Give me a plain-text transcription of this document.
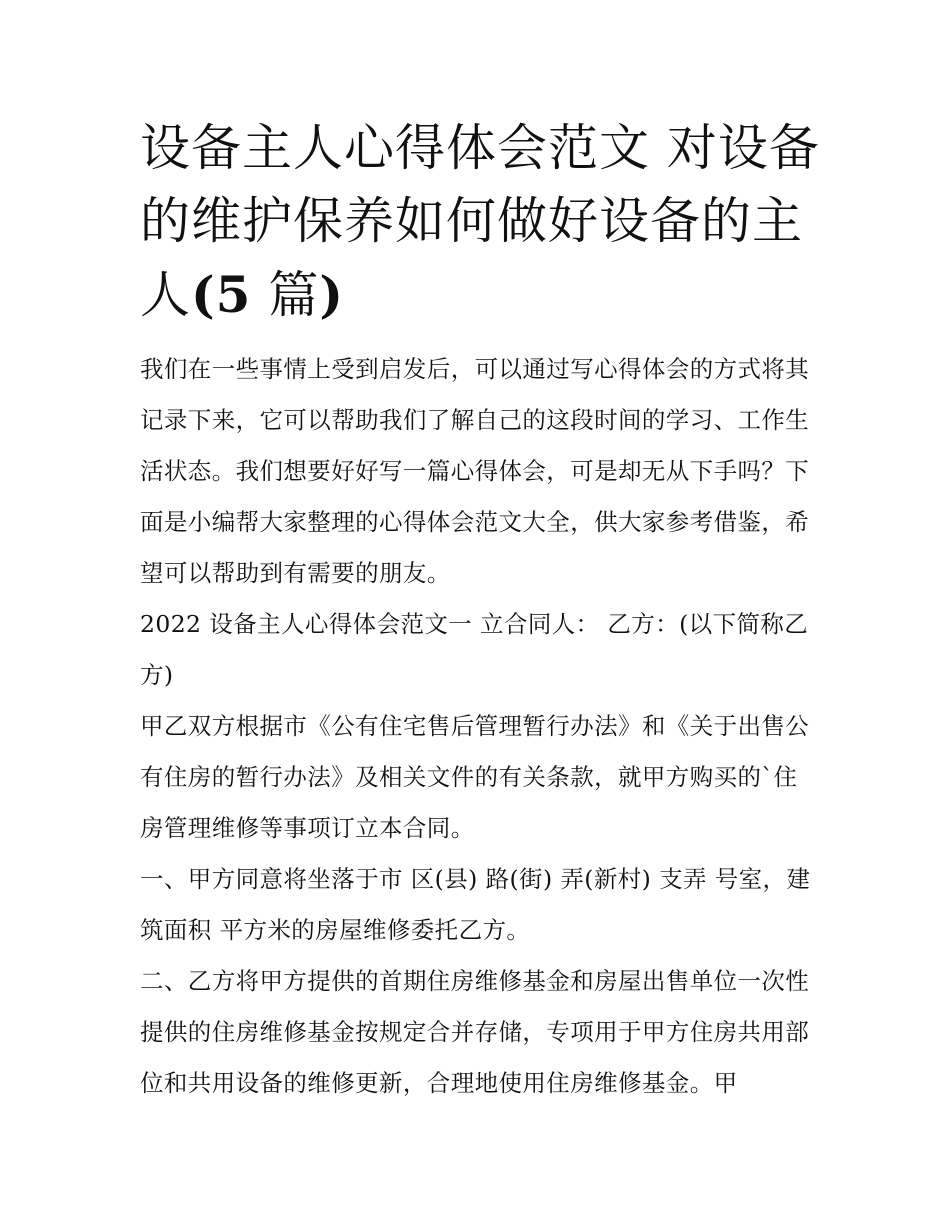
设备主人心得体会范文 对设备
的维护保养如何做好设备的主
人(5 篇)

我们在一些事情上受到启发后，可以通过写心得体会的方式将其记录下来，它可以帮助我们了解自己的这段时间的学习、工作生活状态。我们想要好好写一篇心得体会，可是却无从下手吗？下面是小编帮大家整理的心得体会范文大全，供大家参考借鉴，希望可以帮助到有需要的朋友。

2022 设备主人心得体会范文一 立合同人： 乙方：(以下简称乙方)

甲乙双方根据市《公有住宅售后管理暂行办法》和《关于出售公有住房的暂行办法》及相关文件的有关条款，就甲方购买的`住房管理维修等事项订立本合同。

一、甲方同意将坐落于市 区(县) 路(街) 弄(新村) 支弄 号室，建筑面积 平方米的房屋维修委托乙方。

二、乙方将甲方提供的首期住房维修基金和房屋出售单位一次性提供的住房维修基金按规定合并存储，专项用于甲方住房共用部位和共用设备的维修更新，合理地使用住房维修基金。甲
